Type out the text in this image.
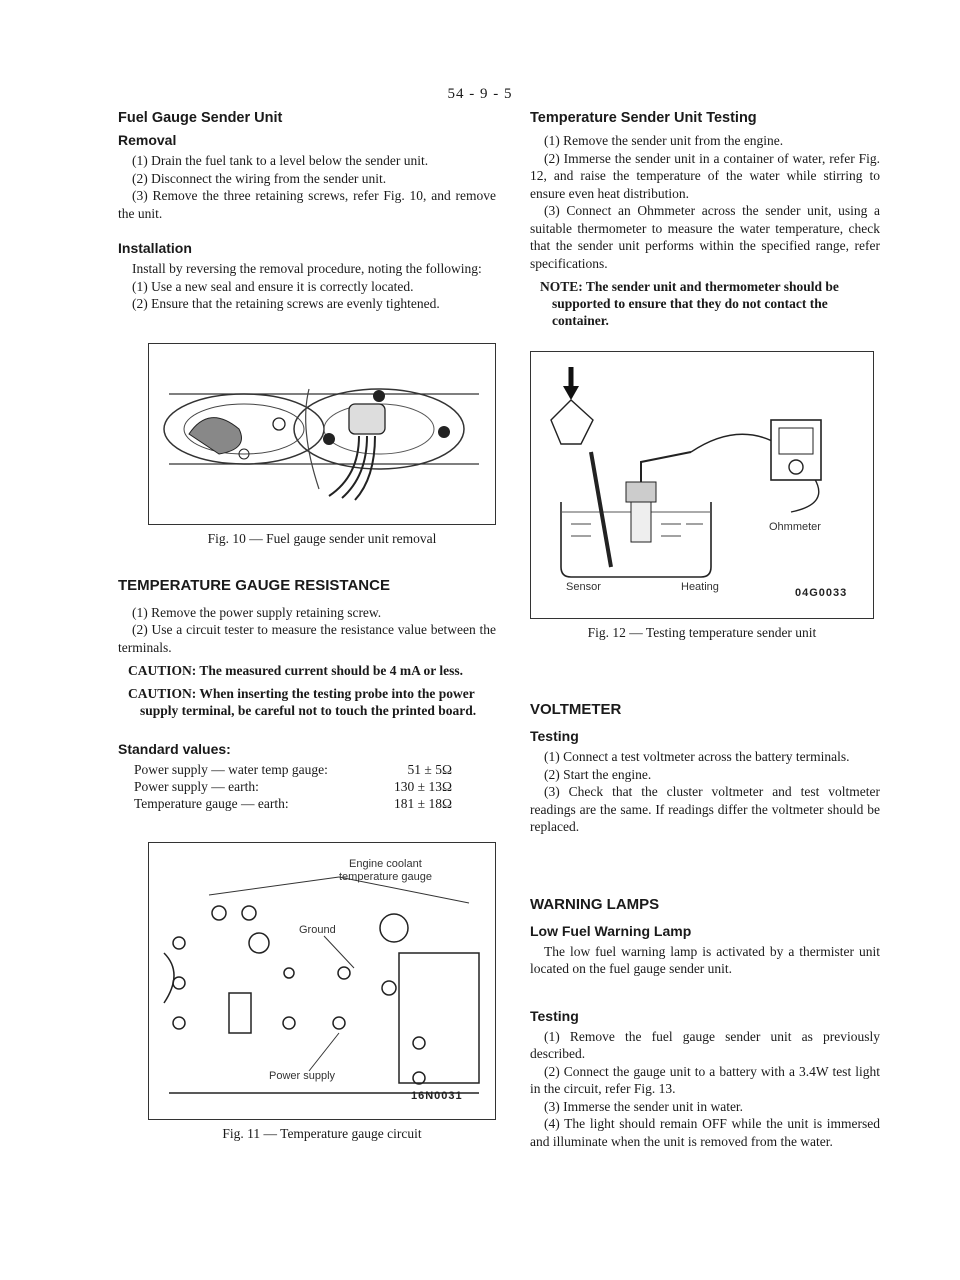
54 - 9 - 5
Fuel Gauge Sender Unit
Removal

(1) Drain the fuel tank to a level below the sender unit.

(2) Disconnect the wiring from the sender unit.

(3) Remove the three retaining screws, refer Fig. 10, and remove the unit.

Installation

Install by reversing the removal procedure, noting the following:

(1) Use a new seal and ensure it is correctly located.

(2) Ensure that the retaining screws are evenly tightened.

Fig. 10 — Fuel gauge sender unit removal
TEMPERATURE GAUGE RESISTANCE

(1) Remove the power supply retaining screw.

(2) Use a circuit tester to measure the resistance value between the terminals.

CAUTION: The measured current should be 4 mA or less.
CAUTION: When inserting the testing probe into the power supply terminal, be careful not to touch the printed board.
Standard values:
Power supply — water temp gauge:	51 ± 5Ω
Power supply — earth:	130 ± 13Ω
Temperature gauge — earth:	181 ± 18Ω
Engine coolant
temperature gauge
Ground
Power supply
16N0031
Fig. 11 — Temperature gauge circuit
Temperature Sender Unit Testing

(1) Remove the sender unit from the engine.

(2) Immerse the sender unit in a container of water, refer Fig. 12, and raise the temperature of the water while stirring to ensure even heat distribution.

(3) Connect an Ohmmeter across the sender unit, using a suitable thermometer to measure the water temperature, check that the sender unit performs within the specified range, refer specifications.

NOTE: The sender unit and thermometer should be supported to ensure that they do not contact the container.
Ohmmeter
Sensor	Heating	04G0033
Fig. 12 — Testing temperature sender unit
VOLTMETER
Testing

(1) Connect a test voltmeter across the battery terminals.

(2) Start the engine.

(3) Check that the cluster voltmeter and test voltmeter readings are the same. If readings differ the voltmeter should be replaced.

WARNING LAMPS
Low Fuel Warning Lamp

The low fuel warning lamp is activated by a thermister unit located on the fuel gauge sender unit.

Testing

(1) Remove the fuel gauge sender unit as previously described.

(2) Connect the gauge unit to a battery with a 3.4W test light in the circuit, refer Fig. 13.

(3) Immerse the sender unit in water.

(4) The light should remain OFF while the unit is immersed and illuminate when the unit is removed from the water.
